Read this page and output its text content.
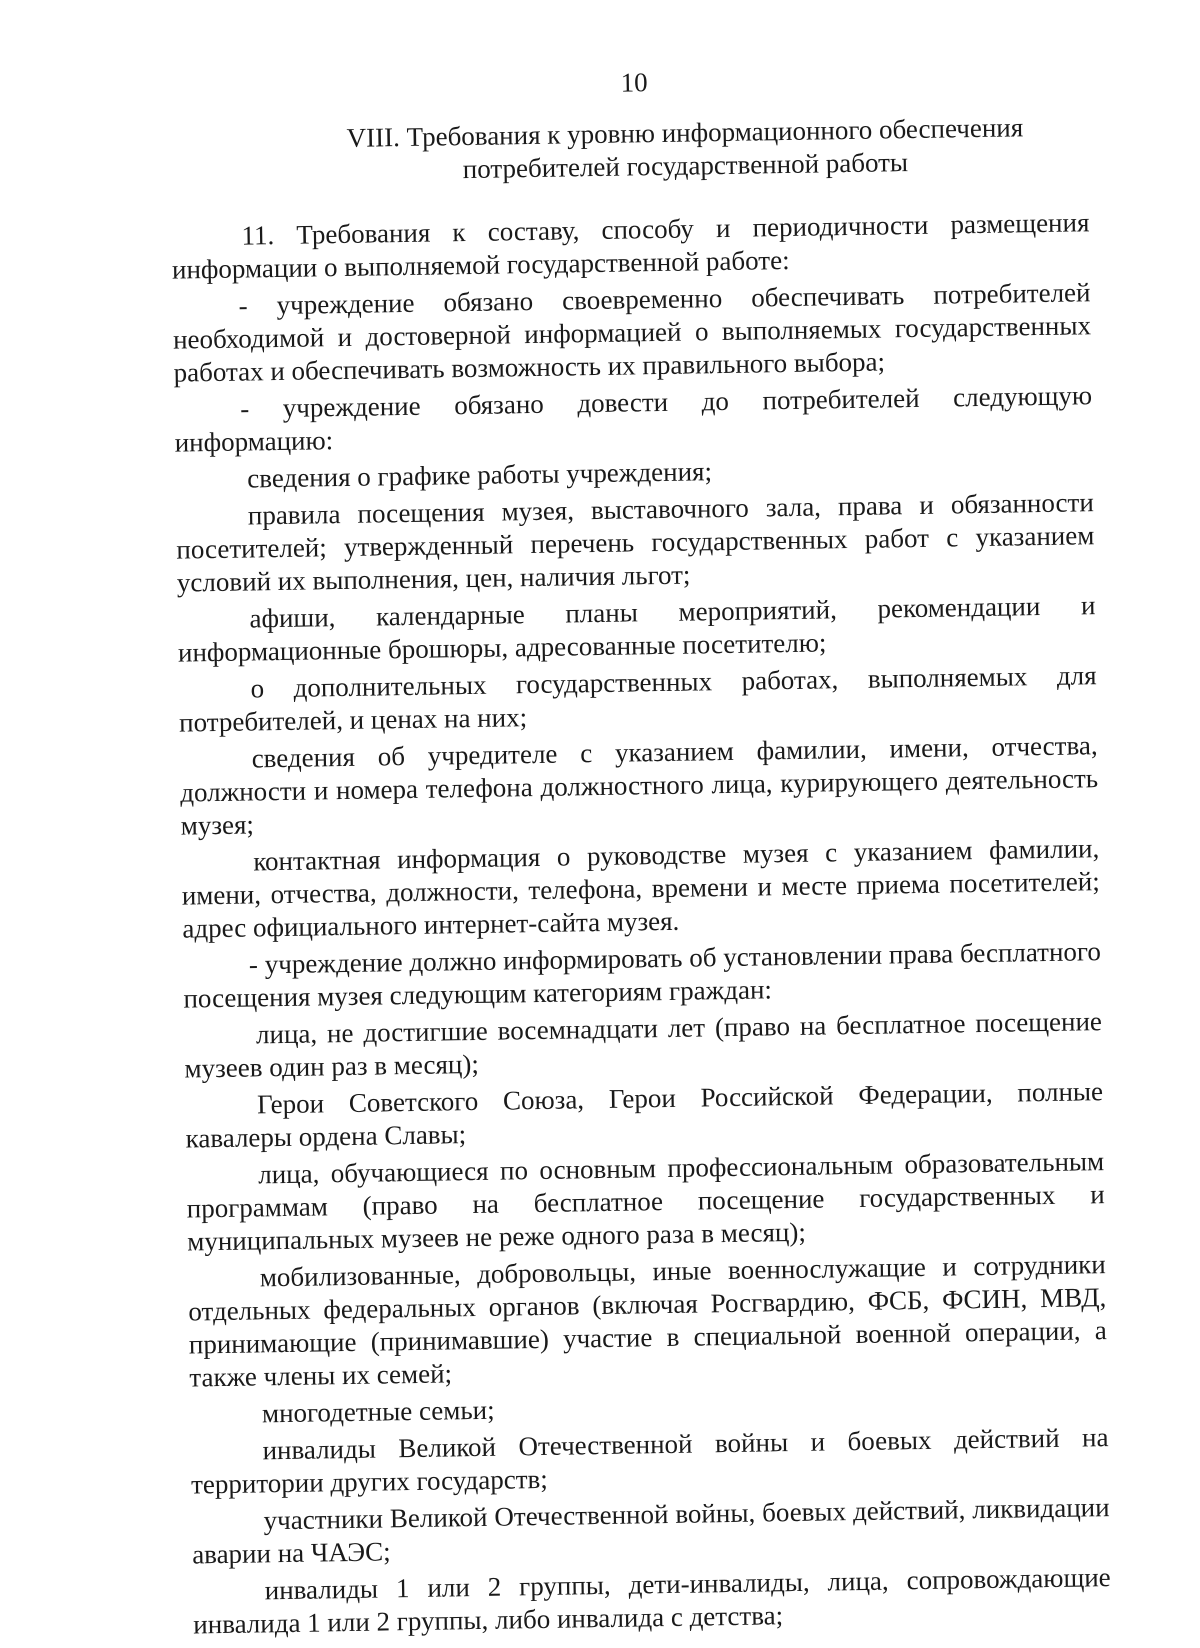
10
VIII. Требования к уровню информационного обеспечения
потребителей государственной работы

11. Требования к составу, способу и периодичности размещения информации о выполняемой государственной работе:

- учреждение обязано своевременно обеспечивать потребителей необходимой и достоверной информацией о выполняемых государственных работах и обеспечивать возможность их правильного выбора;

- учреждение обязано довести до потребителей следующую информацию:

сведения о графике работы учреждения;

правила посещения музея, выставочного зала, права и обязанности посетителей; утвержденный перечень государственных работ с указанием условий их выполнения, цен, наличия льгот;

афиши, календарные планы мероприятий, рекомендации и информационные брошюры, адресованные посетителю;

о дополнительных государственных работах, выполняемых для потребителей, и ценах на них;

сведения об учредителе с указанием фамилии, имени, отчества, должности и номера телефона должностного лица, курирующего деятельность музея;

контактная информация о руководстве музея с указанием фамилии, имени, отчества, должности, телефона, времени и месте приема посетителей; адрес официального интернет-сайта музея.

- учреждение должно информировать об установлении права бесплатного посещения музея следующим категориям граждан:

лица, не достигшие восемнадцати лет (право на бесплатное посещение музеев один раз в месяц);

Герои Советского Союза, Герои Российской Федерации, полные кавалеры ордена Славы;

лица, обучающиеся по основным профессиональным образовательным программам (право на бесплатное посещение государственных и муниципальных музеев не реже одного раза в месяц);

мобилизованные, добровольцы, иные военнослужащие и сотрудники отдельных федеральных органов (включая Росгвардию, ФСБ, ФСИН, МВД, принимающие (принимавшие) участие в специальной военной операции, а также члены их семей;

многодетные семьи;

инвалиды Великой Отечественной войны и боевых действий на территории других государств;

участники Великой Отечественной войны, боевых действий, ликвидации аварии на ЧАЭС;

инвалиды 1 или 2 группы, дети-инвалиды, лица, сопровождающие инвалида 1 или 2 группы, либо инвалида с детства;
